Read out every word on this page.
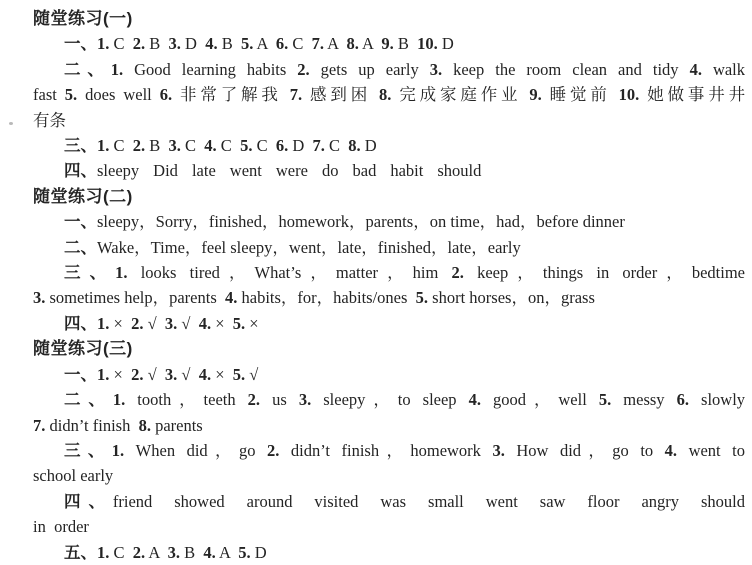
随堂练习(一)
一、1. C  2. B  3. D  4. B  5. A  6. C  7. A  8. A  9. B  10. D
二、1. Good learning habits 2. gets up early 3. keep the room clean and tidy 4. walk
fast 5. does well 6. 非常了解我 7. 感到困 8. 完成家庭作业 9. 睡觉前 10. 她做事井井
有条
三、1. C  2. B  3. C  4. C  5. C  6. D  7. C  8. D
四、sleepy Did late went were do bad habit should
随堂练习(二)
一、sleepy，Sorry，finished，homework，parents，on time，had，before dinner
二、Wake，Time，feel sleepy，went，late，finished，late，early
三、1. looks tired，What’s，matter，him 2. keep，things in order，bedtime
3. sometimes help，parents  4. habits，for，habits/ones  5. short horses，on，grass
四、1. ×  2. √  3. √  4. ×  5. ×
随堂练习(三)
一、1. ×  2. √  3. √  4. ×  5. √
二、1. tooth，teeth 2. us 3. sleepy，to sleep 4. good，well 5. messy 6. slowly
7. didn’t finish  8. parents
三、1. When did，go 2. didn’t finish，homework 3. How did，go to 4. went to
school early
四、friend showed around visited was small went saw floor angry should
in  order
五、1. C  2. A  3. B  4. A  5. D
